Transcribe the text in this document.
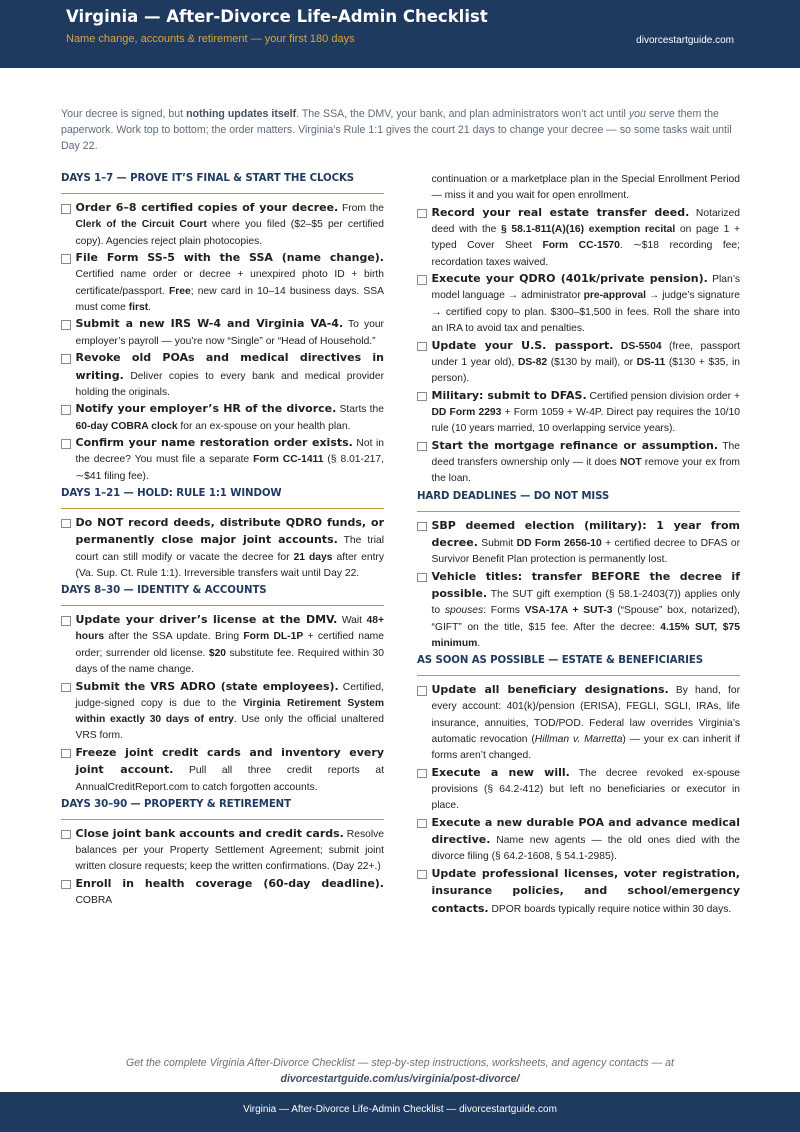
Virginia — After-Divorce Life-Admin Checklist
Name change, accounts & retirement — your first 180 days	divorcestartguide.com
Your decree is signed, but nothing updates itself. The SSA, the DMV, your bank, and plan administrators won’t act until you serve them the paperwork. Work top to bottom; the order matters. Virginia’s Rule 1:1 gives the court 21 days to change your decree — so some tasks wait until Day 22.
DAYS 1–7 — PROVE IT’S FINAL & START THE CLOCKS
Order 6–8 certified copies of your decree. From the Clerk of the Circuit Court where you filed ($2–$5 per certified copy). Agencies reject plain photocopies.
File Form SS-5 with the SSA (name change). Certified name order or decree + unexpired photo ID + birth certificate/passport. Free; new card in 10–14 business days. SSA must come first.
Submit a new IRS W-4 and Virginia VA-4. To your employer’s payroll — you’re now “Single” or “Head of Household.”
Revoke old POAs and medical directives in writing. Deliver copies to every bank and medical provider holding the originals.
Notify your employer’s HR of the divorce. Starts the 60-day COBRA clock for an ex-spouse on your health plan.
Confirm your name restoration order exists. Not in the decree? You must file a separate Form CC-1411 (§ 8.01-217, ∼$41 filing fee).
DAYS 1–21 — HOLD: RULE 1:1 WINDOW
Do NOT record deeds, distribute QDRO funds, or permanently close major joint accounts. The trial court can still modify or vacate the decree for 21 days after entry (Va. Sup. Ct. Rule 1:1). Irreversible transfers wait until Day 22.
DAYS 8–30 — IDENTITY & ACCOUNTS
Update your driver’s license at the DMV. Wait 48+ hours after the SSA update. Bring Form DL-1P + certified name order; surrender old license. $20 substitute fee. Required within 30 days of the name change.
Submit the VRS ADRO (state employees). Certified, judge-signed copy is due to the Virginia Retirement System within exactly 30 days of entry. Use only the official unaltered VRS form.
Freeze joint credit cards and inventory every joint account. Pull all three credit reports at AnnualCreditReport.com to catch forgotten accounts.
DAYS 30–90 — PROPERTY & RETIREMENT
Close joint bank accounts and credit cards. Resolve balances per your Property Settlement Agreement; submit joint written closure requests; keep the written confirmations. (Day 22+.)
Enroll in health coverage (60-day deadline). COBRA
continuation or a marketplace plan in the Special Enrollment Period — miss it and you wait for open enrollment.
Record your real estate transfer deed. Notarized deed with the § 58.1-811(A)(16) exemption recital on page 1 + typed Cover Sheet Form CC-1570. ∼$18 recording fee; recordation taxes waived.
Execute your QDRO (401k/private pension). Plan’s model language → administrator pre-approval → judge’s signature → certified copy to plan. $300–$1,500 in fees. Roll the share into an IRA to avoid tax and penalties.
Update your U.S. passport. DS-5504 (free, passport under 1 year old), DS-82 ($130 by mail), or DS-11 ($130 + $35, in person).
Military: submit to DFAS. Certified pension division order + DD Form 2293 + Form 1059 + W-4P. Direct pay requires the 10/10 rule (10 years married, 10 overlapping service years).
Start the mortgage refinance or assumption. The deed transfers ownership only — it does NOT remove your ex from the loan.
HARD DEADLINES — DO NOT MISS
SBP deemed election (military): 1 year from decree. Submit DD Form 2656-10 + certified decree to DFAS or Survivor Benefit Plan protection is permanently lost.
Vehicle titles: transfer BEFORE the decree if possible. The SUT gift exemption (§ 58.1-2403(7)) applies only to spouses: Forms VSA-17A + SUT-3 (“Spouse” box, notarized), “GIFT” on the title, $15 fee. After the decree: 4.15% SUT, $75 minimum.
AS SOON AS POSSIBLE — ESTATE & BENEFICIARIES
Update all beneficiary designations. By hand, for every account: 401(k)/pension (ERISA), FEGLI, SGLI, IRAs, life insurance, annuities, TOD/POD. Federal law overrides Virginia’s automatic revocation (Hillman v. Marretta) — your ex can inherit if forms aren’t changed.
Execute a new will. The decree revoked ex-spouse provisions (§ 64.2-412) but left no beneficiaries or executor in place.
Execute a new durable POA and advance medical directive. Name new agents — the old ones died with the divorce filing (§ 64.2-1608, § 54.1-2985).
Update professional licenses, voter registration, insurance policies, and school/emergency contacts. DPOR boards typically require notice within 30 days.
Get the complete Virginia After-Divorce Checklist — step-by-step instructions, worksheets, and agency contacts — at
divorcestartguide.com/us/virginia/post-divorce/
Virginia — After-Divorce Life-Admin Checklist — divorcestartguide.com
